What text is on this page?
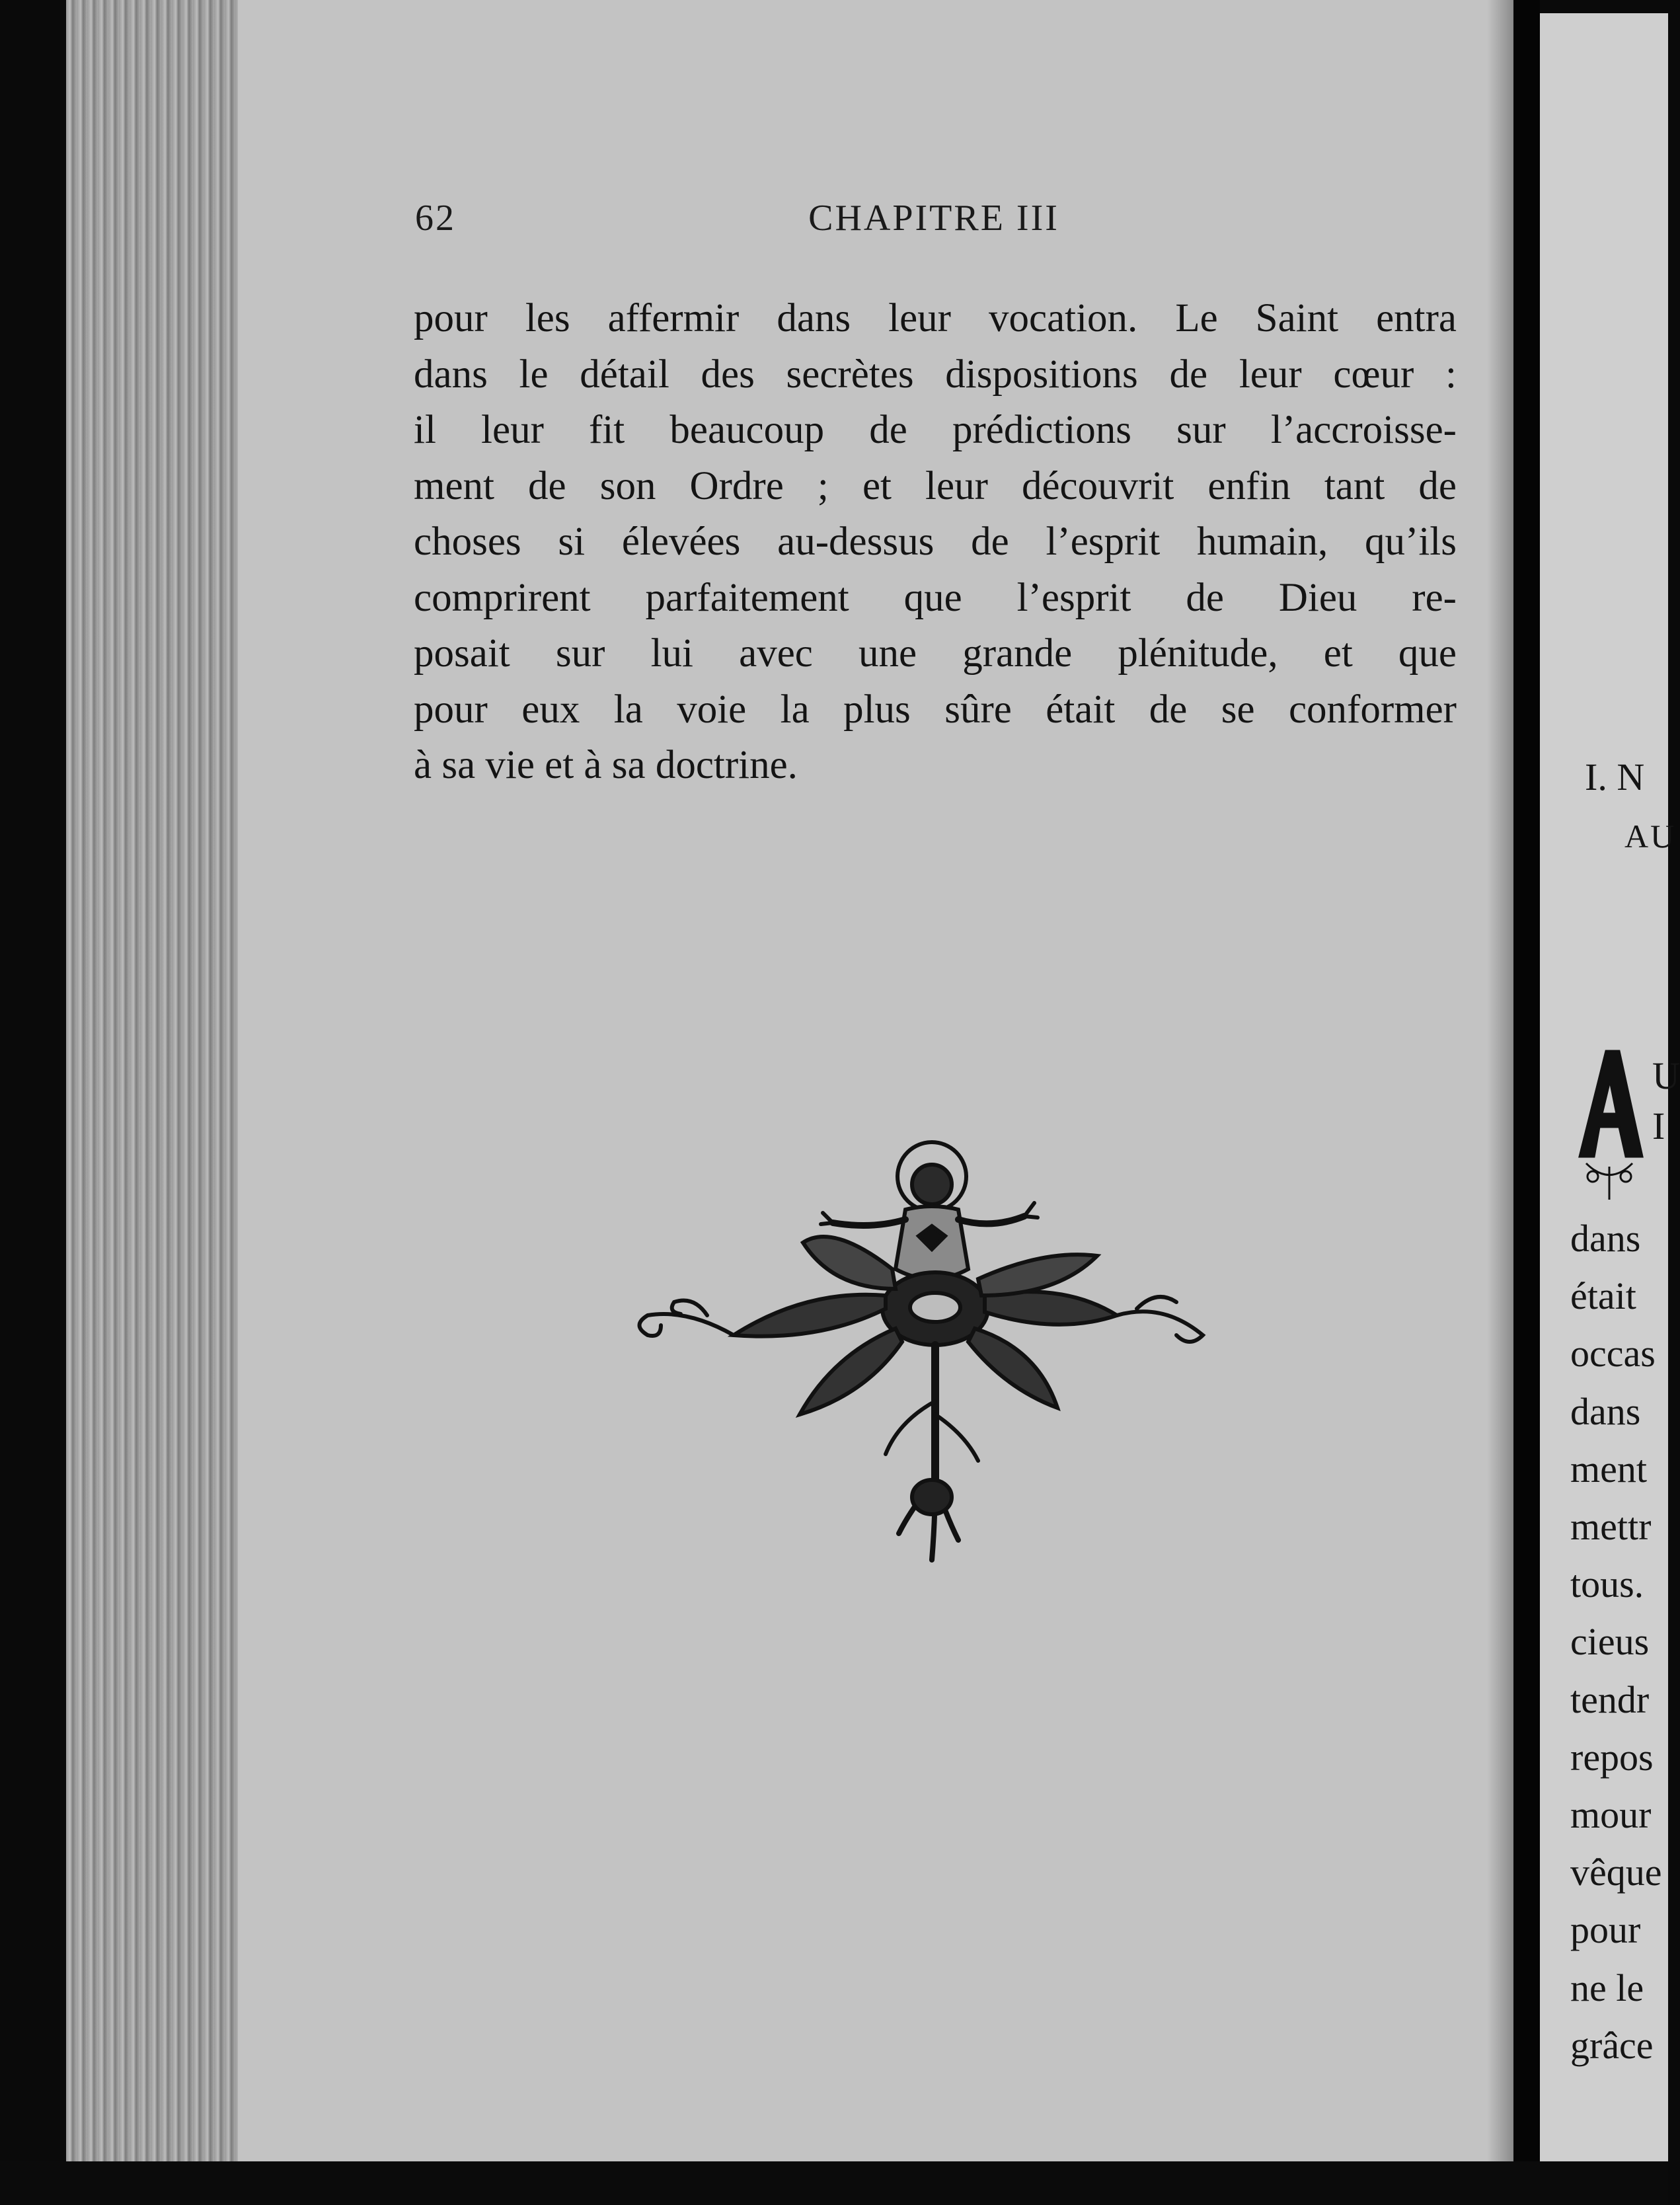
62	CHAPITRE III
pour les affermir dans leur vocation. Le Saint entra
dans le détail des secrètes dispositions de leur cœur :
il leur fit beaucoup de prédictions sur l’accroisse-
ment de son Ordre ; et leur découvrit enfin tant de
choses si élevées au-dessus de l’esprit humain, qu’ils
comprirent parfaitement que l’esprit de Dieu re-
posait sur lui avec une grande plénitude, et que
pour eux la voie la plus sûre était de se conformer
à sa vie et à sa doctrine.	I. N
AU
U
I
dans
était
occas
dans
ment
mettr
tous.
cieus
tendr
repos
mour
vêque
pour
ne le
grâce
